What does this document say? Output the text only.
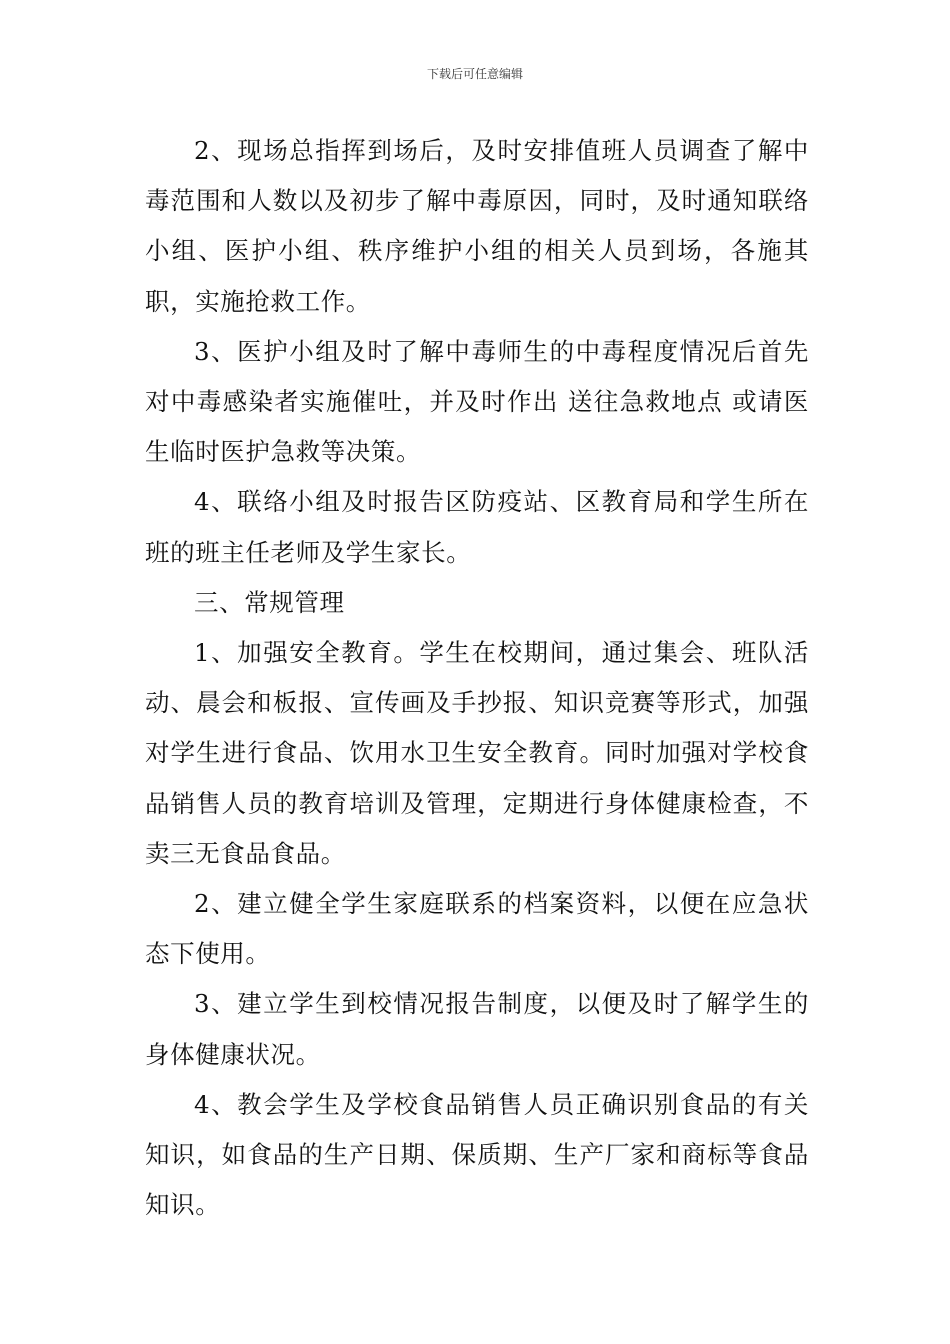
下载后可任意编辑

2、现场总指挥到场后，及时安排值班人员调查了解中毒范围和人数以及初步了解中毒原因，同时，及时通知联络小组、医护小组、秩序维护小组的相关人员到场，各施其职，实施抢救工作。

3、医护小组及时了解中毒师生的中毒程度情况后首先对中毒感染者实施催吐，并及时作出 送往急救地点 或请医生临时医护急救等决策。

4、联络小组及时报告区防疫站、区教育局和学生所在班的班主任老师及学生家长。

三、常规管理

1、加强安全教育。学生在校期间，通过集会、班队活动、晨会和板报、宣传画及手抄报、知识竞赛等形式，加强对学生进行食品、饮用水卫生安全教育。同时加强对学校食品销售人员的教育培训及管理，定期进行身体健康检查，不卖三无食品食品。

2、建立健全学生家庭联系的档案资料，以便在应急状态下使用。

3、建立学生到校情况报告制度，以便及时了解学生的身体健康状况。

4、教会学生及学校食品销售人员正确识别食品的有关知识，如食品的生产日期、保质期、生产厂家和商标等食品知识。
